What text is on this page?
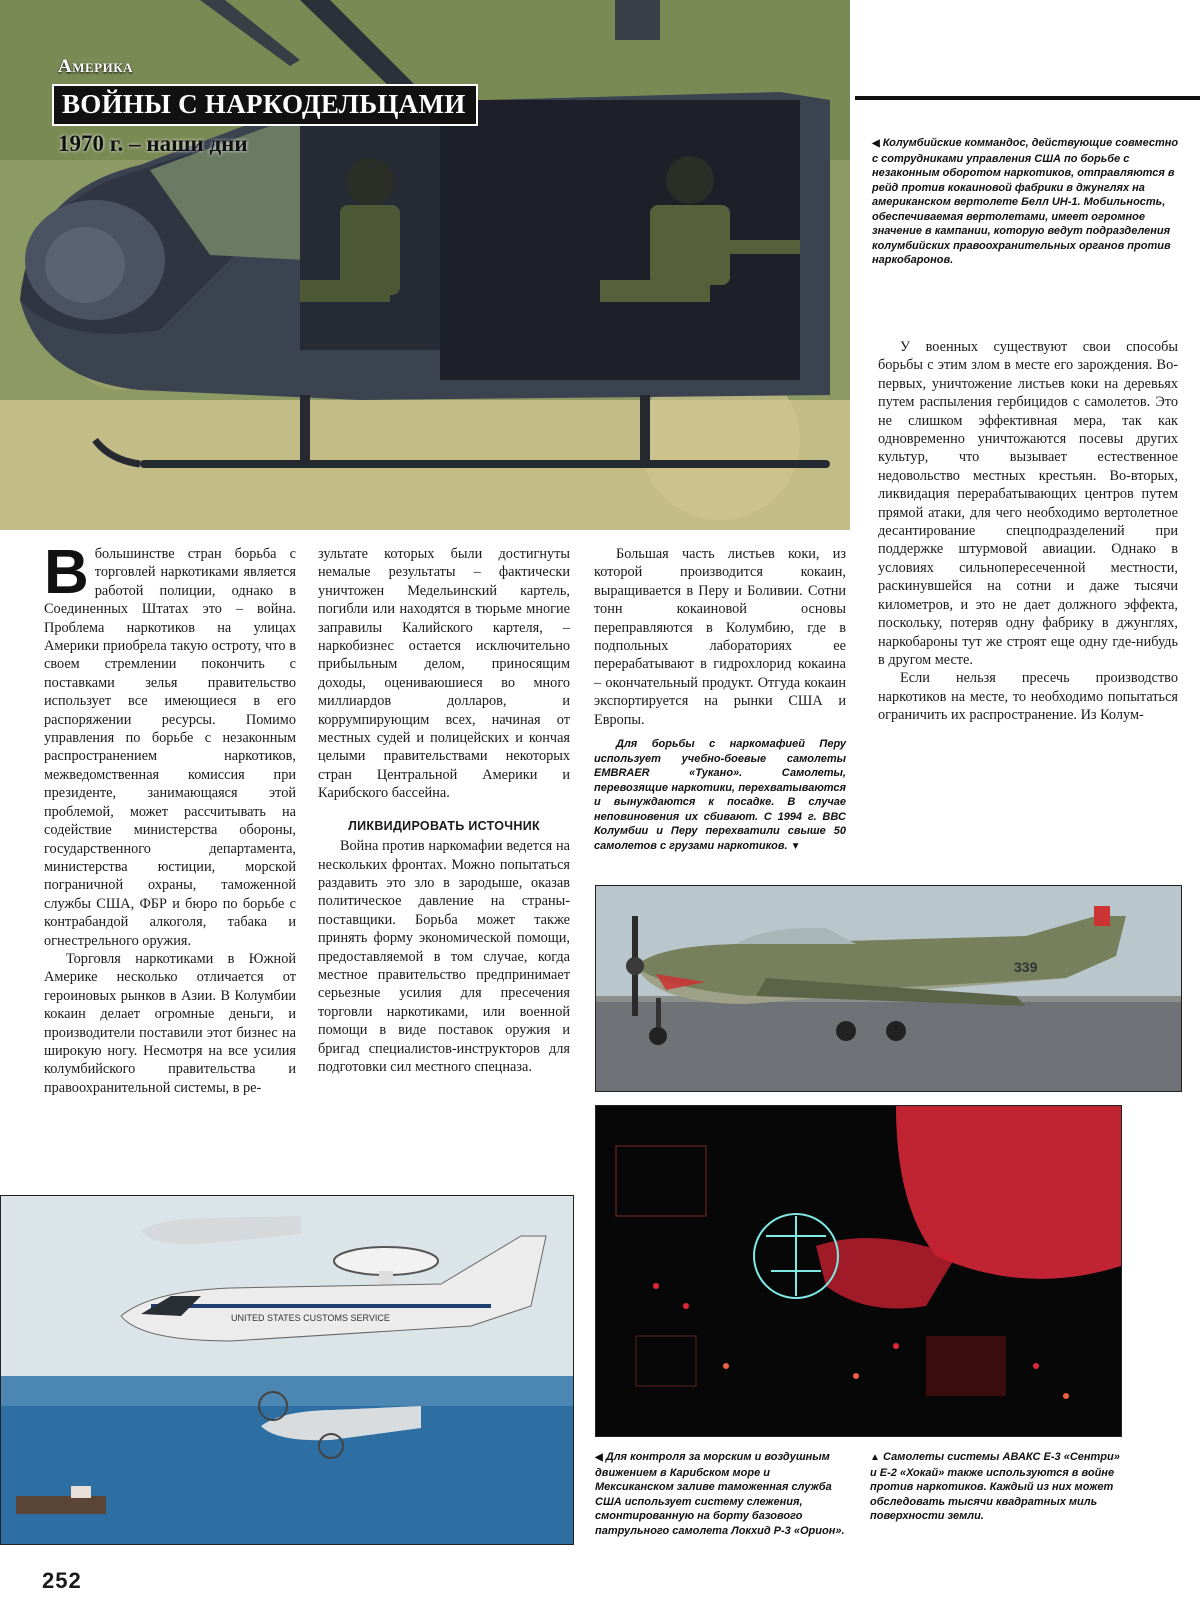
Америка
ВОЙНЫ С НАРКОДЕЛЬЦАМИ
1970 г. – наши дни	◀ Колумбийские коммандос, действующие совместно с сотрудниками управления США по борьбе с незаконным оборотом наркотиков, отправляются в рейд против кокаиновой фабрики в джунглях на американском вертолете Белл UH-1. Мобильность, обеспечиваемая вертолетами, имеет огромное значение в кампании, которую ведут подразделения колумбийских правоохранительных органов против наркобаронов.

В большинстве стран борьба с торговлей наркотиками является работой полиции, однако в Соединенных Штатах это – война. Проблема наркотиков на улицах Америки приобрела такую остроту, что в своем стремлении покончить с поставками зелья правительство использует все имеющиеся в его распоряжении ресурсы. Помимо управления по борьбе с незаконным распространением наркотиков, межведомственная комиссия при президенте, занимающаяся этой проблемой, может рассчитывать на содействие министерства обороны, государственного департамента, министерства юстиции, морской пограничной охраны, таможенной службы США, ФБР и бюро по борьбе с контрабандой алкоголя, табака и огнестрельного оружия.

Торговля наркотиками в Южной Америке несколько отличается от героиновых рынков в Азии. В Колумбии кокаин делает огромные деньги, и производители поставили этот бизнес на широкую ногу. Несмотря на все усилия колумбийского правительства и правоохранительной системы, в ре-

зультате которых были достигнуты немалые результаты – фактически уничтожен Медельинский картель, погибли или находятся в тюрьме многие заправилы Калийского картеля, – наркобизнес остается исключительно прибыльным делом, приносящим доходы, оцениваюшиеся во много миллиардов долларов, и коррумпирующим всех, начиная от местных судей и полицейских и кончая целыми правительствами некоторых стран Центральной Америки и Карибского бассейна.

ЛИКВИДИРОВАТЬ ИСТОЧНИК

Война против наркомафии ведется на нескольких фронтах. Можно попытаться раздавить это зло в зародыше, оказав политическое давление на страны-поставщики. Борьба может также принять форму экономической помощи, предоставляемой в том случае, когда местное правительство предпринимает серьезные усилия для пресечения торговли наркотиками, или военной помощи в виде поставок оружия и бригад специалистов-инструкторов для подготовки сил местного спецназа.

Большая часть листьев коки, из которой производится кокаин, выращивается в Перу и Боливии. Сотни тонн кокаиновой основы переправляются в Колумбию, где в подпольных лабораториях ее перерабатывают в гидрохлорид кокаина – окончательный продукт. Отгуда кокаин экспортируется на рынки США и Европы.

Для борьбы с наркомафией Перу использует учебно-боевые самолеты EMBRAER «Тукано». Самолеты, перевозящие наркотики, перехватываются и вынуждаются к посадке. В случае неповиновения их сбивают. С 1994 г. ВВС Колумбии и Перу перехватили свыше 50 самолетов с грузами наркотиков. ▼

У военных существуют свои способы борьбы с этим злом в месте его зарождения. Во-первых, уничтожение листьев коки на деревьях путем распыления гербицидов с самолетов. Это не слишком эффективная мера, так как одновременно уничтожаются посевы других культур, что вызывает естественное недовольство местных крестьян. Во-вторых, ликвидация перерабатывающих центров путем прямой атаки, для чего необходимо вертолетное десантирование спецподразделений при поддержке штурмовой авиации. Однако в условиях сильнопересеченной местности, раскинувшейся на сотни и даже тысячи километров, и это не дает должного эффекта, поскольку, потеряв одну фабрику в джунглях, наркобароны тут же строят еще одну где-нибудь в другом месте.

Если нельзя пресечь производство наркотиков на месте, то необходимо попытаться ограничить их распространение. Из Колум-

339
UNITED STATES CUSTOMS SERVICE

◀ Для контроля за морским и воздушным движением в Карибском море и Мексиканском заливе таможенная служба США использует систему слежения, смонтированную на борту базового патрульного самолета Локхид Р-3 «Орион».

▲ Самолеты системы АВАКС Е-3 «Сентри» и Е-2 «Хокай» также используются в войне против наркотиков. Каждый из них может обследовать тысячи квадратных миль поверхности земли.

252
